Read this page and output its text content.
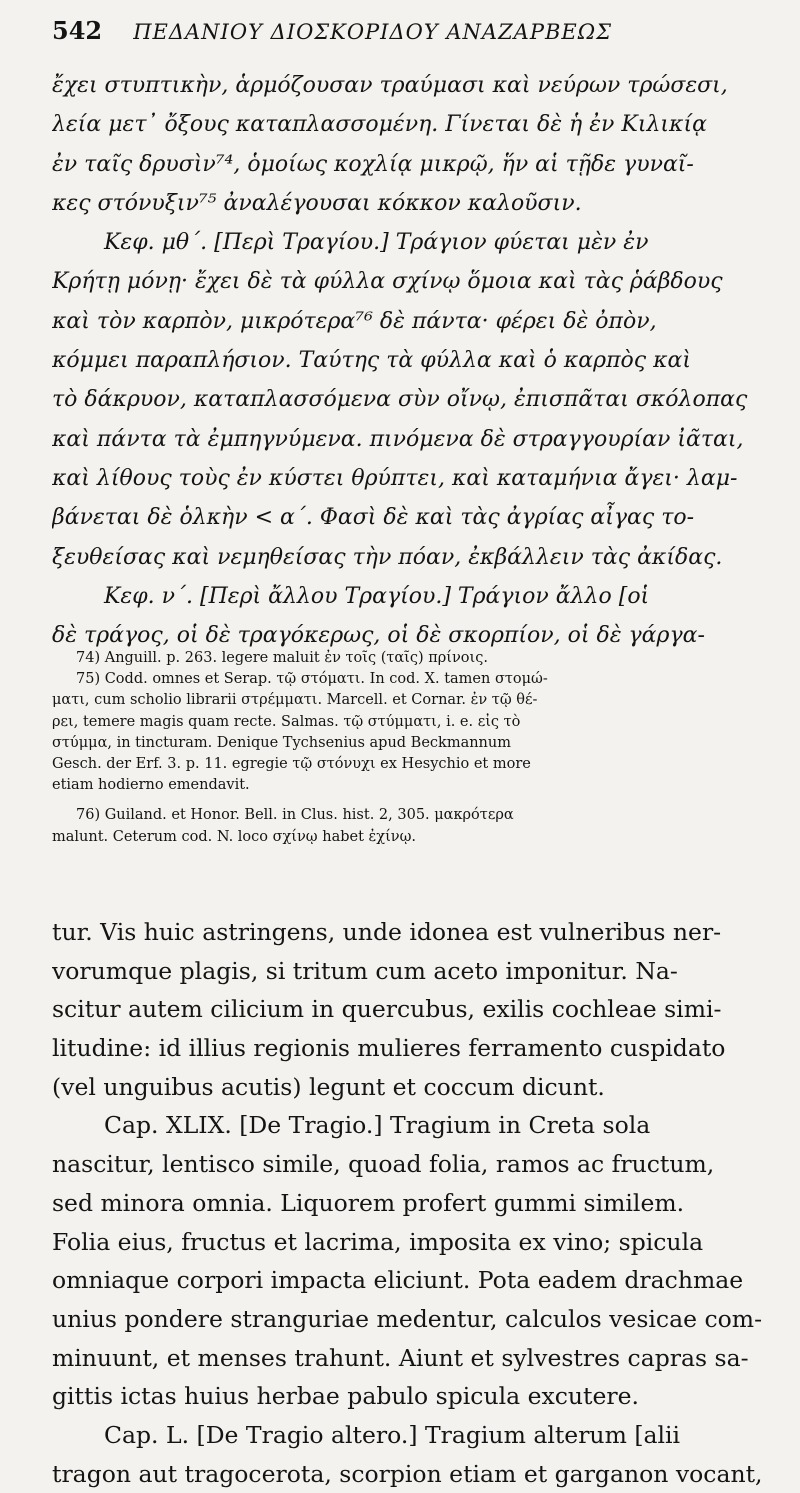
542 ΠΕΔΑΝΙΟΥ ΔΙΟΣΚΟΡΙΔΟΥ ΑΝΑΖΑΡΒΕΩΣ
ἔχει στυπτικὴν, ἁρμόζουσαν τραύμασι καὶ νεύρων τρώσεσι,
λεία μετ᾽ ὄξους καταπλασσομένη. Γίνεται δὲ ἡ ἐν Κιλικίᾳ
ἐν ταῖς δρυσὶν⁷⁴, ὁμοίως κοχλίᾳ μικρῷ, ἥν αἱ τῇδε γυναῖ-
κες στόνυξιν⁷⁵ ἀναλέγουσαι κόκκον καλοῦσιν.
Κεφ. μθ΄. [Περὶ Τραγίου.] Τράγιον φύεται μὲν ἐν
Κρήτῃ μόνῃ· ἔχει δὲ τὰ φύλλα σχίνῳ ὅμοια καὶ τὰς ῥάβδους
καὶ τὸν καρπὸν, μικρότερα⁷⁶ δὲ πάντα· φέρει δὲ ὀπὸν,
κόμμει παραπλήσιον. Ταύτης τὰ φύλλα καὶ ὁ καρπὸς καὶ
τὸ δάκρυον, καταπλασσόμενα σὺν οἴνῳ, ἐπισπᾶται σκόλοπας
καὶ πάντα τὰ ἐμπηγνύμενα. πινόμενα δὲ στραγγουρίαν ἰᾶται,
καὶ λίθους τοὺς ἐν κύστει θρύπτει, καὶ καταμήνια ἄγει· λαμ-
βάνεται δὲ ὁλκὴν < α΄. Φασὶ δὲ καὶ τὰς ἀγρίας αἶγας το-
ξευθείσας καὶ νεμηθείσας τὴν πόαν, ἐκβάλλειν τὰς ἀκίδας.
Κεφ. ν΄. [Περὶ ἄλλου Τραγίου.] Τράγιον ἄλλο [οἱ
δὲ τράγος, οἱ δὲ τραγόκερως, οἱ δὲ σκορπίον, οἱ δὲ γάργα-
74) Anguill. p. 263. legere maluit ἐν τοῖς (ταῖς) πρίνοις.
75) Codd. omnes et Serap. τῷ στόματι. In cod. X. tamen στομώ-
ματι, cum scholio librarii στρέμματι. Marcell. et Cornar. ἐν τῷ θέ-
ρει, temere magis quam recte. Salmas. τῷ στύμματι, i. e. εἰς τὸ
στύμμα, in tincturam. Denique Tychsenius apud Beckmannum
Gesch. der Erf. 3. p. 11. egregie τῷ στόνυχι ex Hesychio et more
etiam hodierno emendavit.
76) Guiland. et Honor. Bell. in Clus. hist. 2, 305. μακρότερα
malunt. Ceterum cod. N. loco σχίνῳ habet ἐχίνῳ.
tur. Vis huic astringens, unde idonea est vulneribus ner-
vorumque plagis, si tritum cum aceto imponitur. Na-
scitur autem cilicium in quercubus, exilis cochleae simi-
litudine: id illius regionis mulieres ferramento cuspidato
(vel unguibus acutis) legunt et coccum dicunt.
Cap. XLIX. [De Tragio.] Tragium in Creta sola
nascitur, lentisco simile, quoad folia, ramos ac fructum,
sed minora omnia. Liquorem profert gummi similem.
Folia eius, fructus et lacrima, imposita ex vino; spicula
omniaque corpori impacta eliciunt. Pota eadem drachmae
unius pondere stranguriae medentur, calculos vesicae com-
minuunt, et menses trahunt. Aiunt et sylvestres capras sa-
gittis ictas huius herbae pabulo spicula excutere.
Cap. L. [De Tragio altero.] Tragium alterum [alii
tragon aut tragocerota, scorpion etiam et garganon vocant,
